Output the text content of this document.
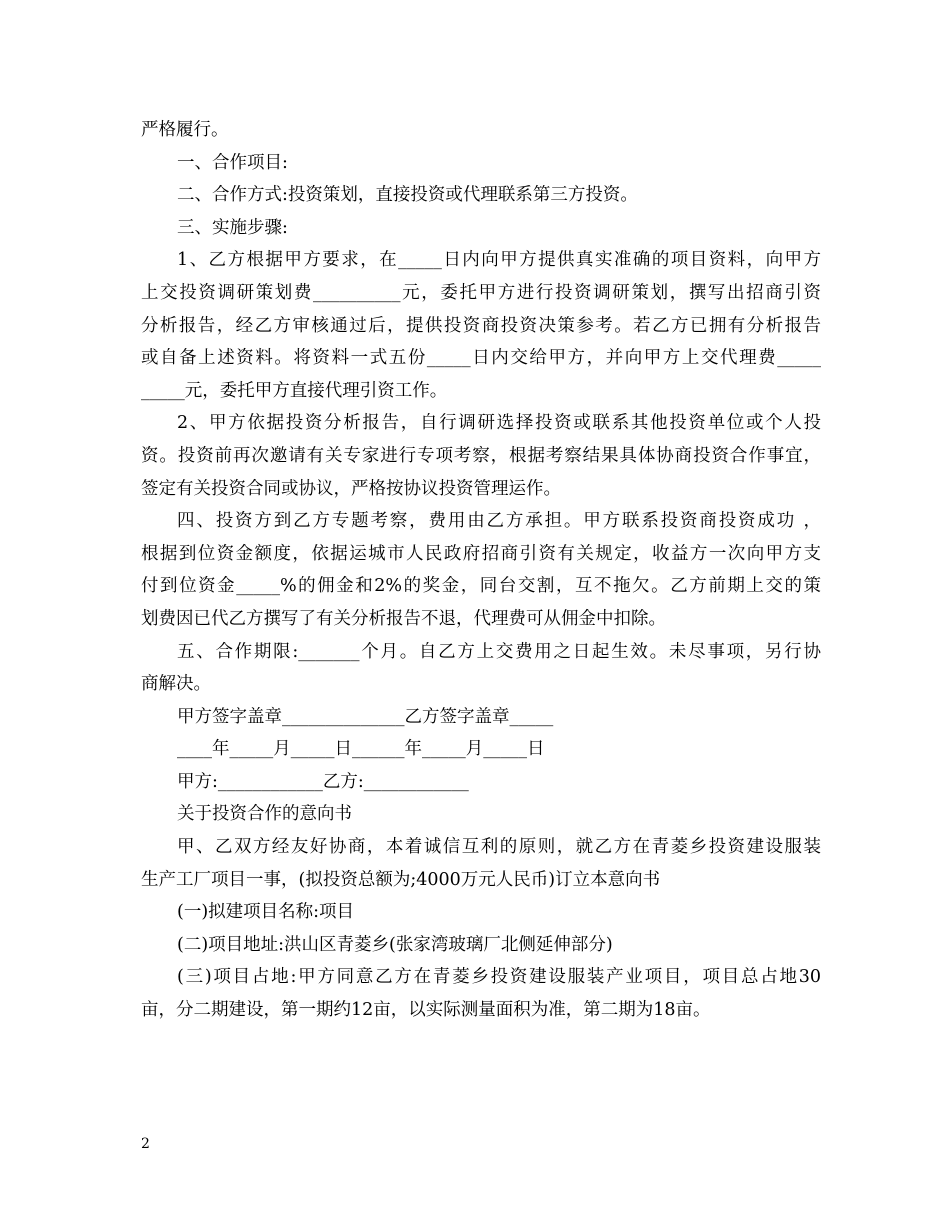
严格履行。
一、合作项目:
二、合作方式:投资策划，直接投资或代理联系第三方投资。
三、实施步骤:
1、乙方根据甲方要求，在_____日内向甲方提供真实准确的项目资料，向甲方
上交投资调研策划费__________元，委托甲方进行投资调研策划，撰写出招商引资
分析报告，经乙方审核通过后，提供投资商投资决策参考。若乙方已拥有分析报告
或自备上述资料。将资料一式五份_____日内交给甲方，并向甲方上交代理费_____
_____元，委托甲方直接代理引资工作。
2、甲方依据投资分析报告，自行调研选择投资或联系其他投资单位或个人投
资。投资前再次邀请有关专家进行专项考察，根据考察结果具体协商投资合作事宜，
签定有关投资合同或协议，严格按协议投资管理运作。
四、投资方到乙方专题考察，费用由乙方承担。甲方联系投资商投资成功 ，
根据到位资金额度，依据运城市人民政府招商引资有关规定，收益方一次向甲方支
付到位资金_____%的佣金和2%的奖金，同台交割，互不拖欠。乙方前期上交的策
划费因已代乙方撰写了有关分析报告不退，代理费可从佣金中扣除。
五、合作期限:_______个月。自乙方上交费用之日起生效。未尽事项，另行协
商解决。
甲方签字盖章______________乙方签字盖章_____
____年_____月_____日______年_____月_____日
甲方:____________乙方:____________
关于投资合作的意向书
甲、乙双方经友好协商，本着诚信互利的原则，就乙方在青菱乡投资建设服装
生产工厂项目一事，(拟投资总额为;4000万元人民币)订立本意向书
(一)拟建项目名称:项目
(二)项目地址:洪山区青菱乡(张家湾玻璃厂北侧延伸部分)
(三)项目占地:甲方同意乙方在青菱乡投资建设服装产业项目，项目总占地30
亩，分二期建设，第一期约12亩，以实际测量面积为准，第二期为18亩。
2
